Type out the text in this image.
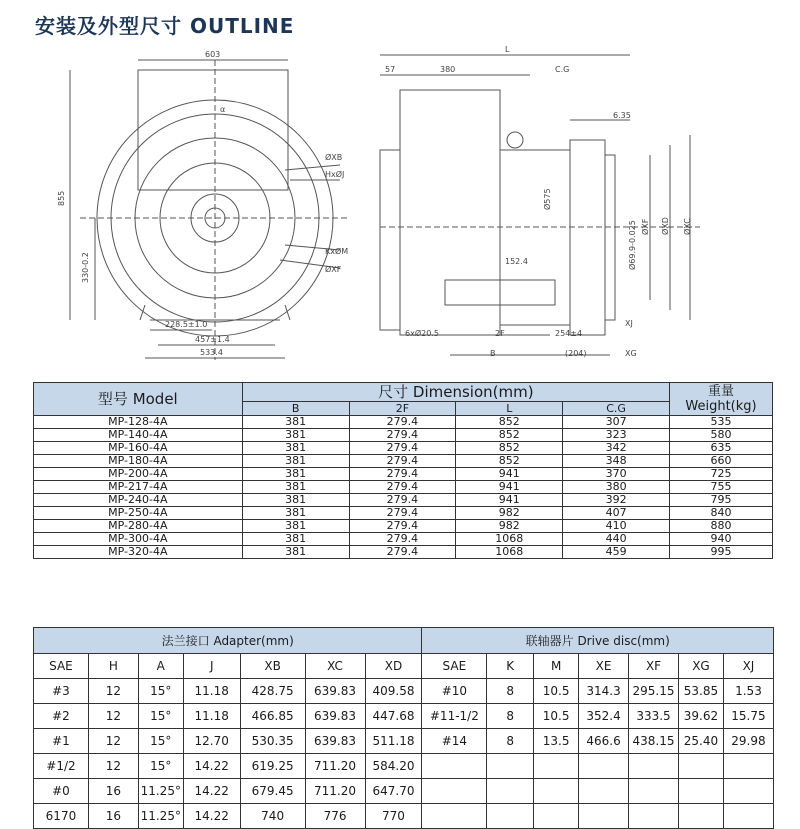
安装及外型尺寸 OUTLINE
603
855
α
ØXB
HxØJ
KxØM
ØXF
330-0.2
228.5±1.0
457±1.4
533.4
L
57	380	C.G
6.35
Ø575
ØXF ØXD ØXC
Ø69.9-0.025
152.4
6xØ20.5	2F	254±4
B	(204)
XJ
XG
型号 Model	尺寸 Dimension(mm)				重量
Weight(kg)

	B	2F	L	C.G	
MP-128-4A	381	279.4	852	307	535
MP-140-4A	381	279.4	852	323	580
MP-160-4A	381	279.4	852	342	635
MP-180-4A	381	279.4	852	348	660
MP-200-4A	381	279.4	941	370	725
MP-217-4A	381	279.4	941	380	755
MP-240-4A	381	279.4	941	392	795
MP-250-4A	381	279.4	982	407	840
MP-280-4A	381	279.4	982	410	880
MP-300-4A	381	279.4	1068	440	940
MP-320-4A	381	279.4	1068	459	995
法兰接口 Adapter(mm)							联轴器片 Drive disc(mm)						
SAE	H	A	J	XB	XC	XD	SAE	K	M	XE	XF	XG	XJ
#3	12	15°	11.18	428.75	639.83	409.58	#10	8	10.5	314.3	295.15	53.85	1.53
#2	12	15°	11.18	466.85	639.83	447.68	#11-1/2	8	10.5	352.4	333.5	39.62	15.75
#1	12	15°	12.70	530.35	639.83	511.18	#14	8	13.5	466.6	438.15	25.40	29.98
#1/2	12	15°	14.22	619.25	711.20	584.20							
#0	16	11.25°	14.22	679.45	711.20	647.70							
6170	16	11.25°	14.22	740	776	770							
